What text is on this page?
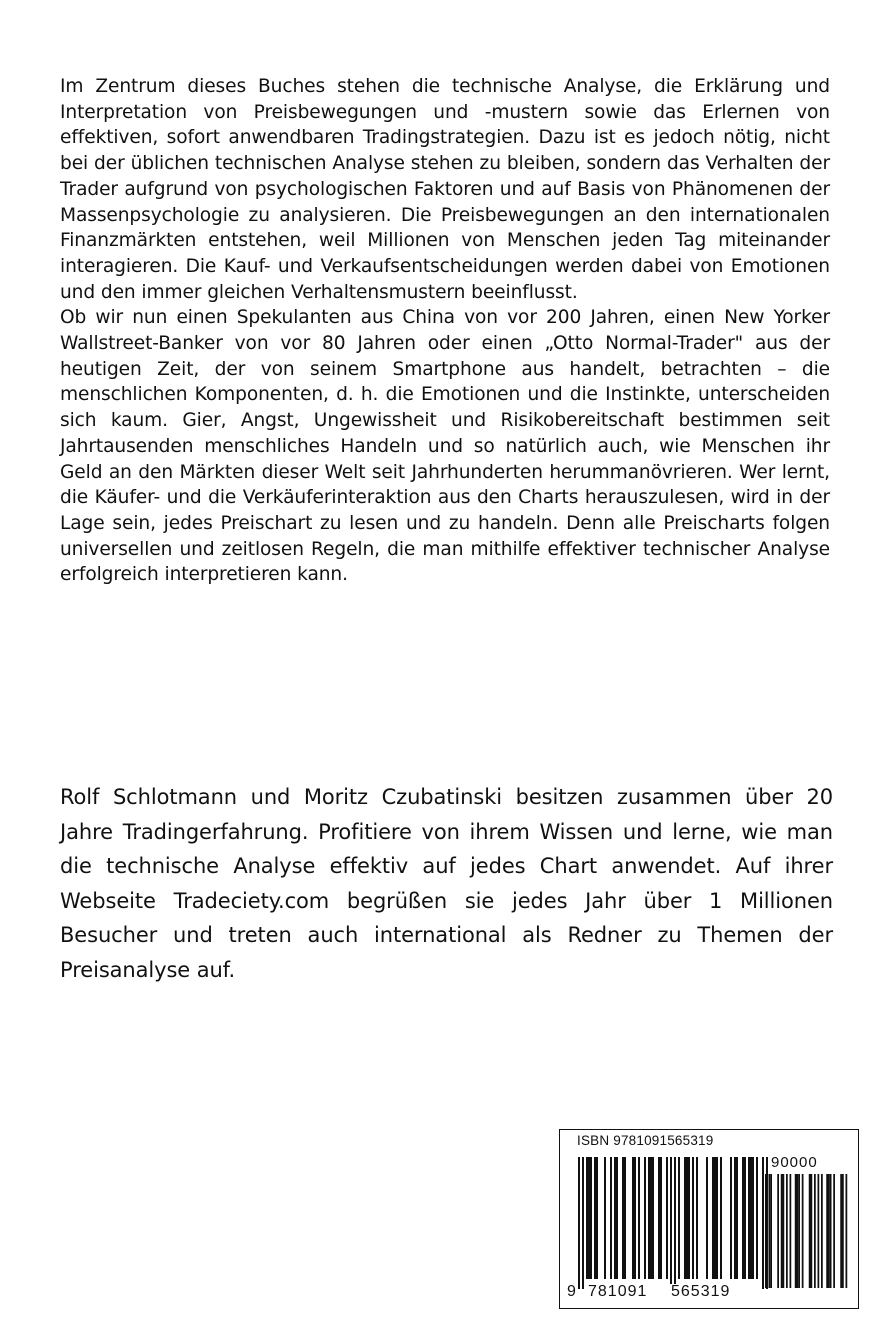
Im Zentrum dieses Buches stehen die technische Analyse, die Erklärung und Interpretation von Preisbewegungen und -mustern sowie das Erlernen von effektiven, sofort anwendbaren Tradingstrategien. Dazu ist es jedoch nötig, nicht bei der üblichen technischen Analyse stehen zu bleiben, sondern das Verhalten der Trader aufgrund von psychologischen Faktoren und auf Basis von Phänomenen der Massenpsychologie zu analysieren. Die Preisbewegungen an den internationalen Finanzmärkten entstehen, weil Millionen von Menschen jeden Tag miteinander interagieren. Die Kauf- und Verkaufsentscheidungen werden dabei von Emotionen und den immer gleichen Verhaltensmustern beeinflusst.

Ob wir nun einen Spekulanten aus China von vor 200 Jahren, einen New Yorker Wallstreet-Banker von vor 80 Jahren oder einen „Otto Normal-Trader" aus der heutigen Zeit, der von seinem Smartphone aus handelt, betrachten – die menschlichen Komponenten, d. h. die Emotionen und die Instinkte, unterscheiden sich kaum. Gier, Angst, Ungewissheit und Risikobereitschaft bestimmen seit Jahrtausenden menschliches Handeln und so natürlich auch, wie Menschen ihr Geld an den Märkten dieser Welt seit Jahrhunderten herummanövrieren. Wer lernt, die Käufer- und die Verkäuferinteraktion aus den Charts herauszulesen, wird in der Lage sein, jedes Preischart zu lesen und zu handeln. Denn alle Preischarts folgen universellen und zeitlosen Regeln, die man mithilfe effektiver technischer Analyse erfolgreich interpretieren kann.

Rolf Schlotmann und Moritz Czubatinski besitzen zusammen über 20 Jahre Tradingerfahrung. Profitiere von ihrem Wissen und lerne, wie man die technische Analyse effektiv auf jedes Chart anwendet. Auf ihrer Webseite Tradeciety.com begrüßen sie jedes Jahr über 1 Millionen Besucher und treten auch international als Redner zu Themen der Preisanalyse auf.

ISBN 9781091565319
9 781091 565319
90000
